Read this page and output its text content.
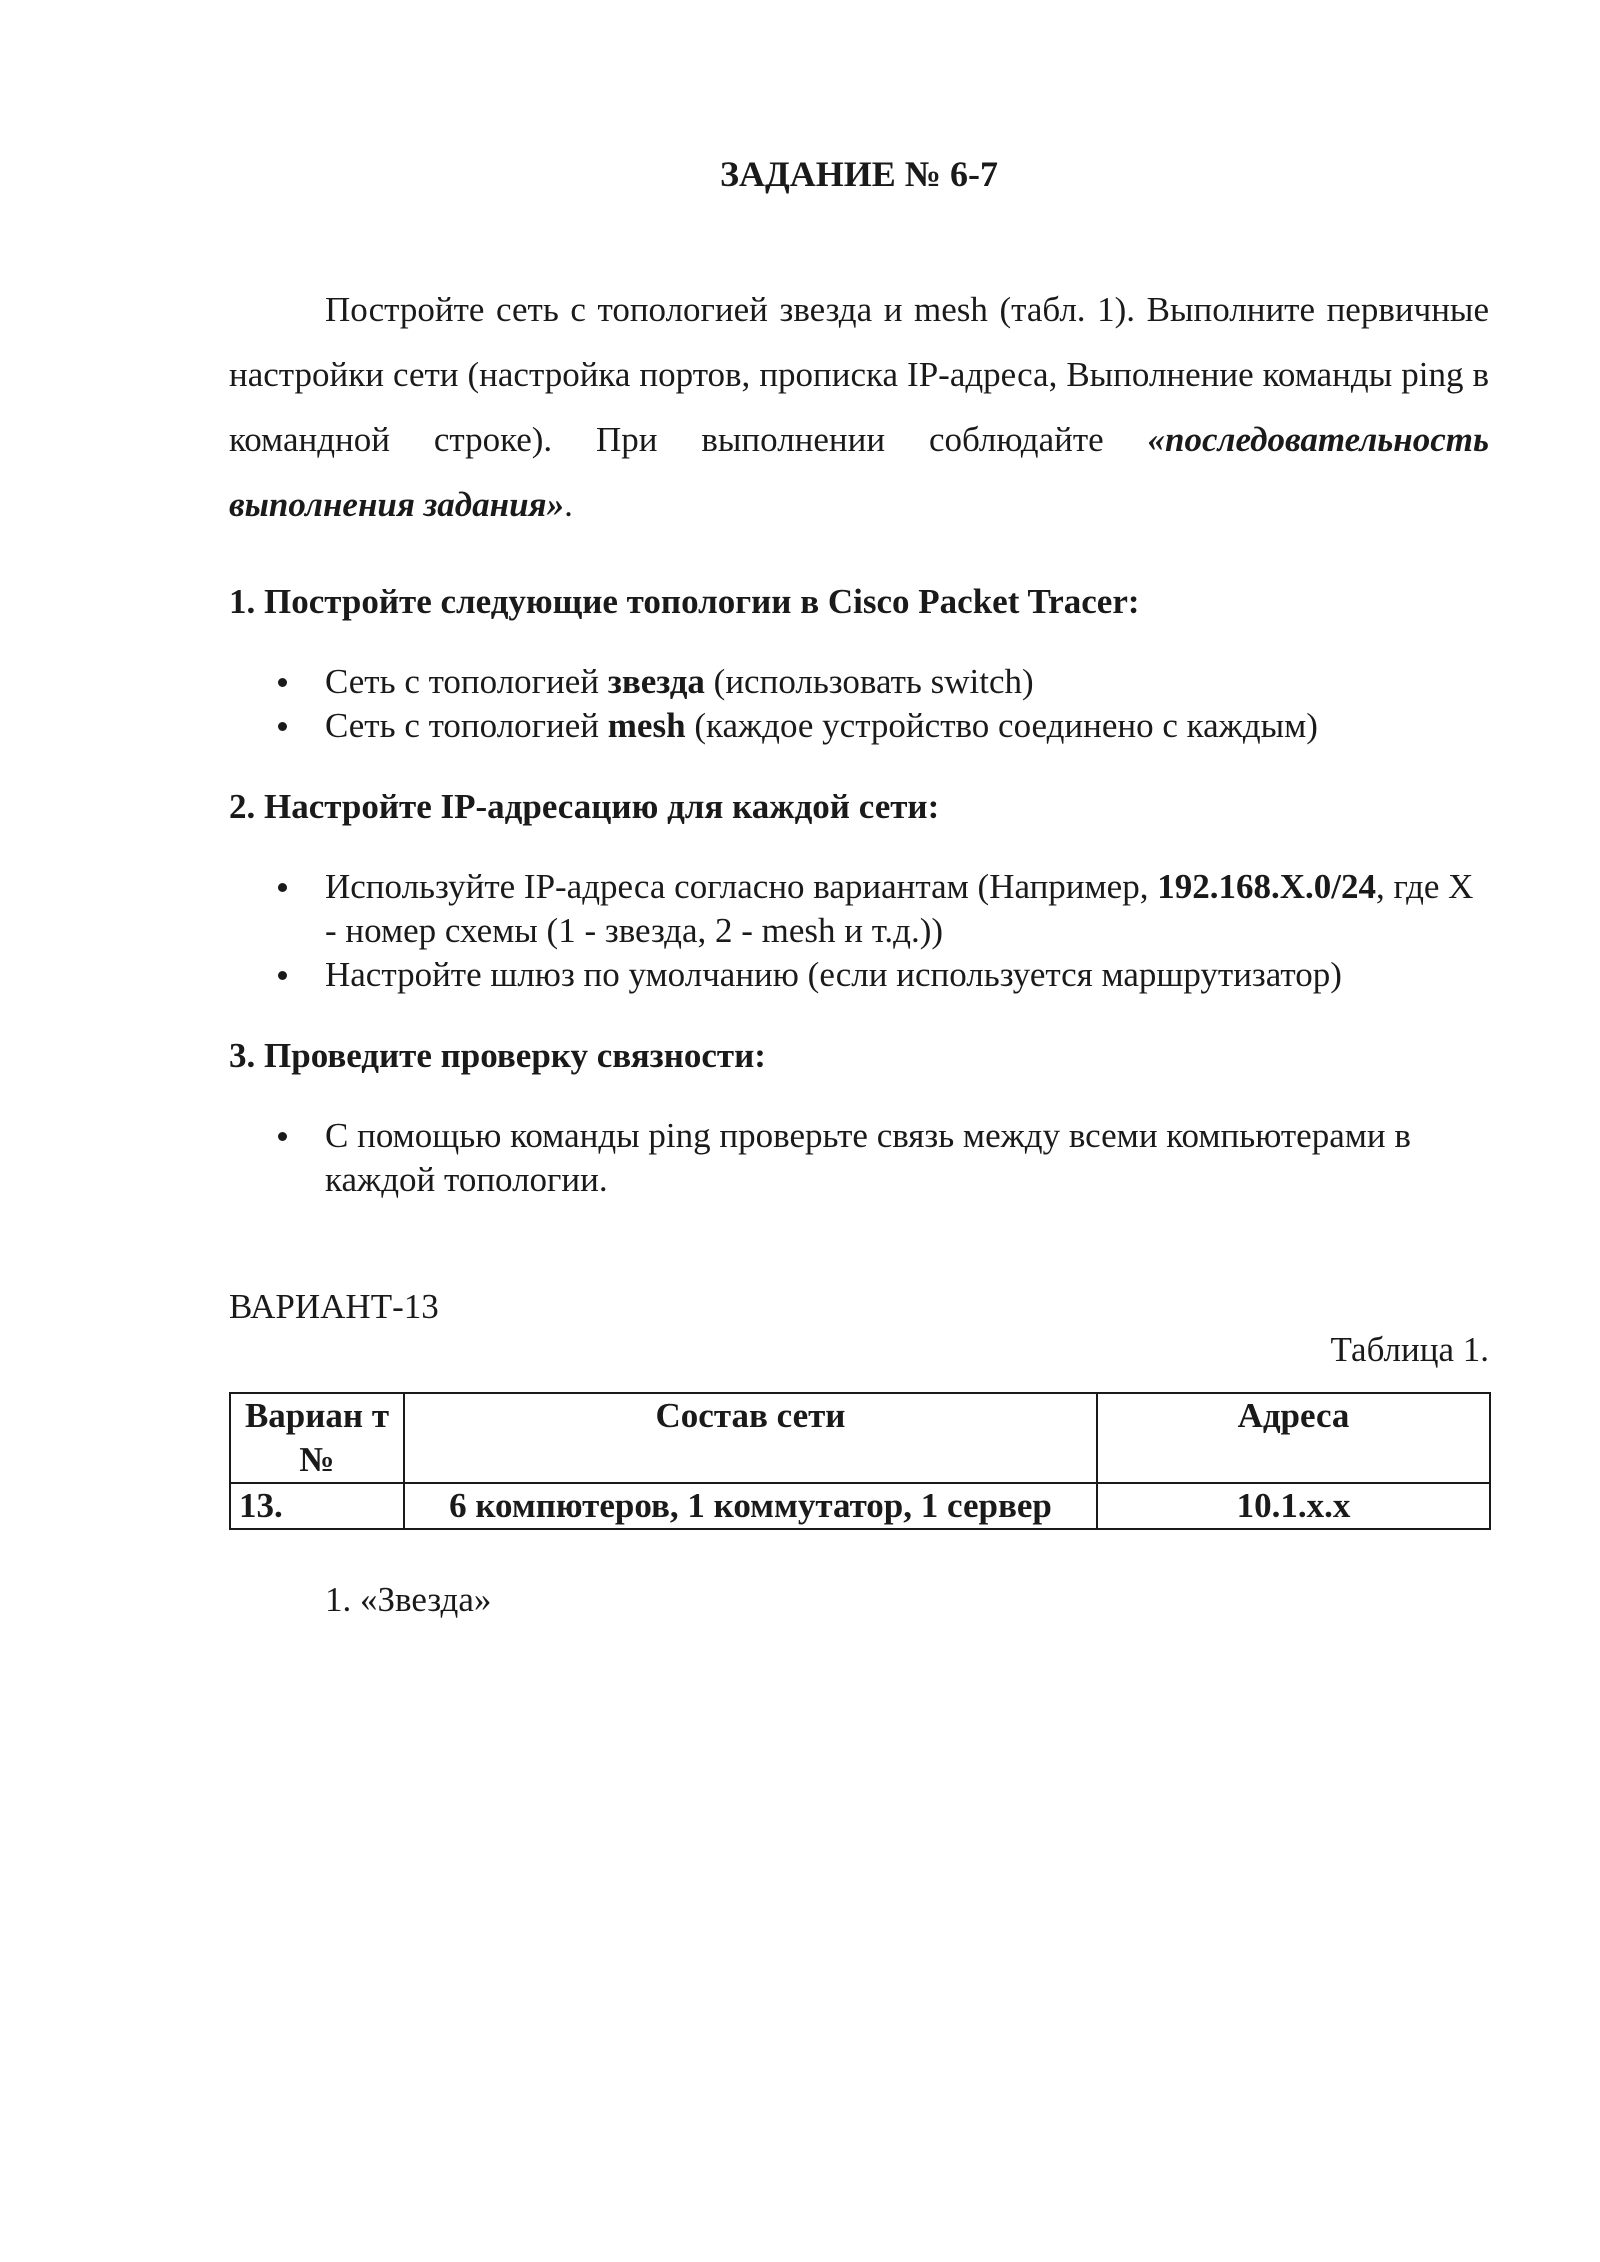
ЗАДАНИЕ № 6-7

Постройте сеть с топологией звезда и mesh (табл. 1). Выполните первичные настройки сети (настройка портов, прописка IP-адреса, Выполнение команды ping в командной строке). При выполнении соблюдайте «последовательность выполнения задания».

1. Постройте следующие топологии в Cisco Packet Tracer:
Сеть с топологией звезда (использовать switch)
Сеть с топологией mesh (каждое устройство соединено с каждым)
2. Настройте IP-адресацию для каждой сети:
Используйте IP-адреса согласно вариантам (Например, 192.168.X.0/24, где X - номер схемы (1 - звезда, 2 - mesh и т.д.))
Настройте шлюз по умолчанию (если используется маршрутизатор)
3. Проведите проверку связности:
С помощью команды ping проверьте связь между всеми компьютерами в каждой топологии.
ВАРИАНТ-13
Таблица 1.
Вариан т №	Состав сети	Адреса
13.	6 компютеров, 1 коммутатор, 1 сервер	10.1.x.x
1. «Звезда»
